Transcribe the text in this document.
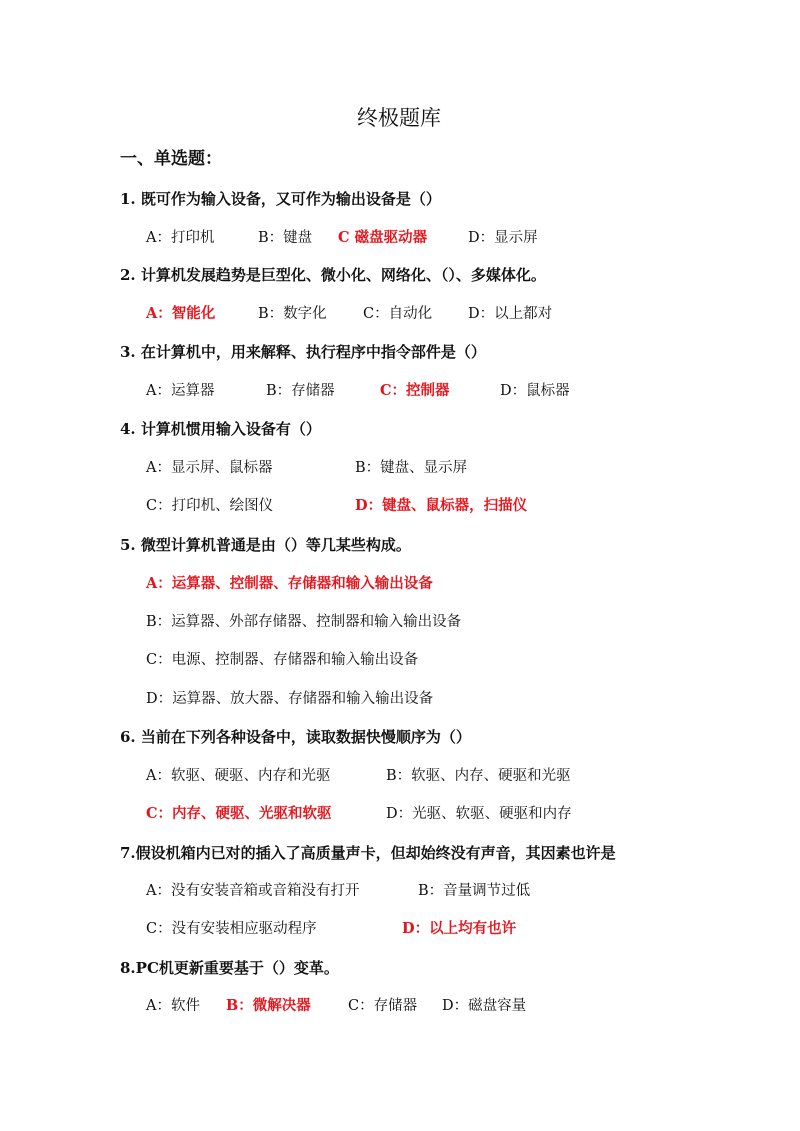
终极题库
一、单选题：
1. 既可作为输入设备，又可作为输出设备是（）
A：打印机	B：键盘 C 磁盘驱动器	D：显示屏
2. 计算机发展趋势是巨型化、微小化、网络化、（）、多媒体化。
A：智能化	B：数字化	C：自动化 D：以上都对
3. 在计算机中，用来解释、执行程序中指令部件是（）
A：运算器	B：存储器	C：控制器	D：鼠标器
4. 计算机惯用输入设备有（）
A：显示屏、鼠标器	B：键盘、显示屏
C：打印机、绘图仪	D：键盘、鼠标器，扫描仪
5. 微型计算机普通是由（）等几某些构成。
A：运算器、控制器、存储器和输入输出设备
B：运算器、外部存储器、控制器和输入输出设备
C：电源、控制器、存储器和输入输出设备
D：运算器、放大器、存储器和输入输出设备
6. 当前在下列各种设备中，读取数据快慢顺序为（）
A：软驱、硬驱、内存和光驱	B：软驱、内存、硬驱和光驱
C：内存、硬驱、光驱和软驱	D：光驱、软驱、硬驱和内存
7.假设机箱内已对的插入了高质量声卡，但却始终没有声音，其因素也许是
A：没有安装音箱或音箱没有打开	B：音量调节过低
C：没有安装相应驱动程序	D：以上均有也许
8.PC机更新重要基于（）变革。
A：软件 B：微解决器	C：存储器 D：磁盘容量
